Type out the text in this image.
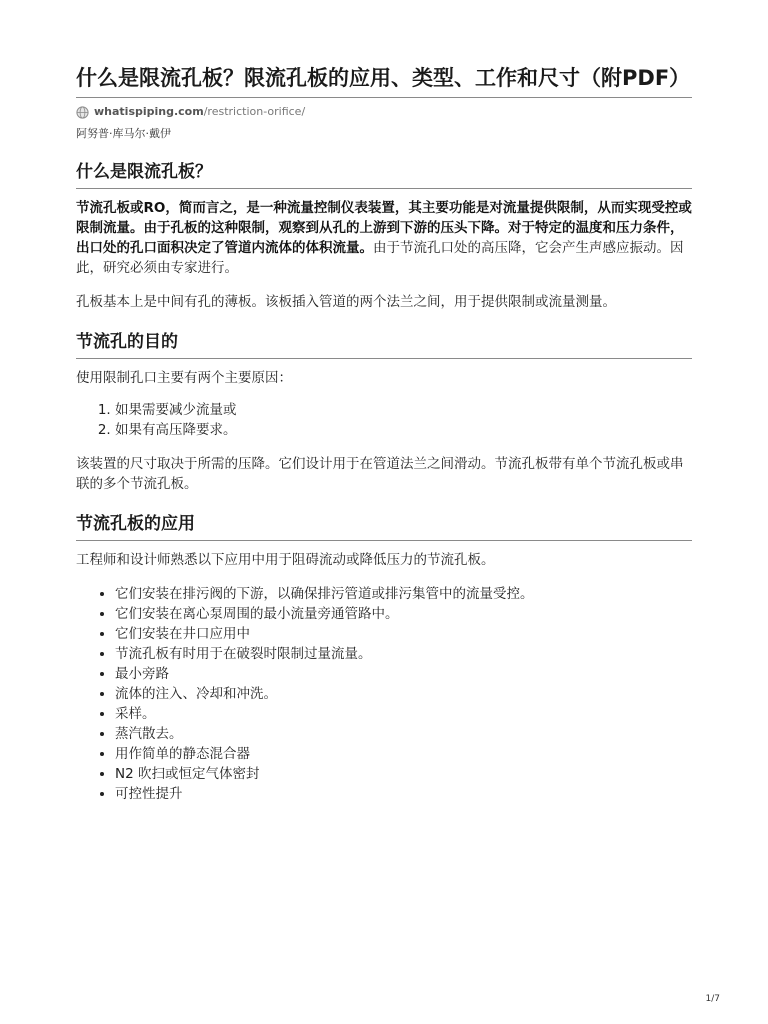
什么是限流孔板？限流孔板的应用、类型、工作和尺寸（附PDF）
whatispiping.com /restriction-orifice/
阿努普·库马尔·戴伊
什么是限流孔板？

节流孔板或RO，简而言之，是一种流量控制仪表装置，其主要功能是对流量提供限制，从而实现受控或限制流量。由于孔板的这种限制，观察到从孔的上游到下游的压头下降。对于特定的温度和压力条件，出口处的孔口面积决定了管道内流体的体积流量。由于节流孔口处的高压降，它会产生声感应振动。因此，研究必须由专家进行。

孔板基本上是中间有孔的薄板。该板插入管道的两个法兰之间，用于提供限制或流量测量。

节流孔的目的

使用限制孔口主要有两个主要原因：

1. 如果需要减少流量或
2. 如果有高压降要求。

该装置的尺寸取决于所需的压降。它们设计用于在管道法兰之间滑动。节流孔板带有单个节流孔板或串联的多个节流孔板。

节流孔板的应用

工程师和设计师熟悉以下应用中用于阻碍流动或降低压力的节流孔板。

• 它们安装在排污阀的下游，以确保排污管道或排污集管中的流量受控。
• 它们安装在离心泵周围的最小流量旁通管路中。
• 它们安装在井口应用中
• 节流孔板有时用于在破裂时限制过量流量。
• 最小旁路
• 流体的注入、冷却和冲洗。
• 采样。
• 蒸汽散去。
• 用作简单的静态混合器
• N2 吹扫或恒定气体密封
• 可控性提升
1/7
